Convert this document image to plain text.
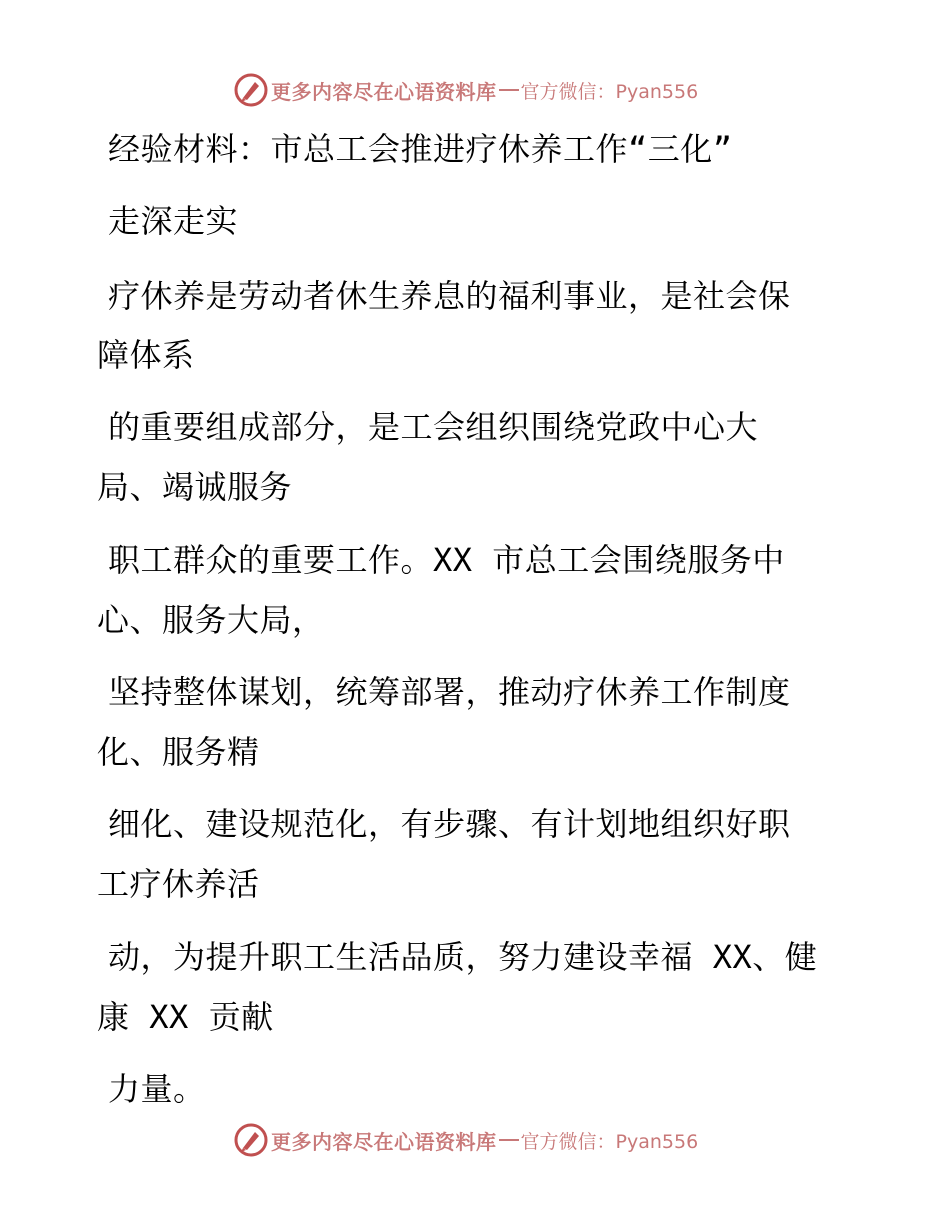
更多内容尽在心语资料库 官方微信：Pyan556
经验材料：市总工会推进疗休养工作“三化”
走深走实
疗休养是劳动者休生养息的福利事业，是社会保
障体系
的重要组成部分，是工会组织围绕党政中心大
局、竭诚服务
职工群众的重要工作。XX 市总工会围绕服务中
心、服务大局，
坚持整体谋划，统筹部署，推动疗休养工作制度
化、服务精
细化、建设规范化，有步骤、有计划地组织好职
工疗休养活
动，为提升职工生活品质，努力建设幸福 XX、健
康 XX 贡献
力量。
更多内容尽在心语资料库 官方微信：Pyan556
